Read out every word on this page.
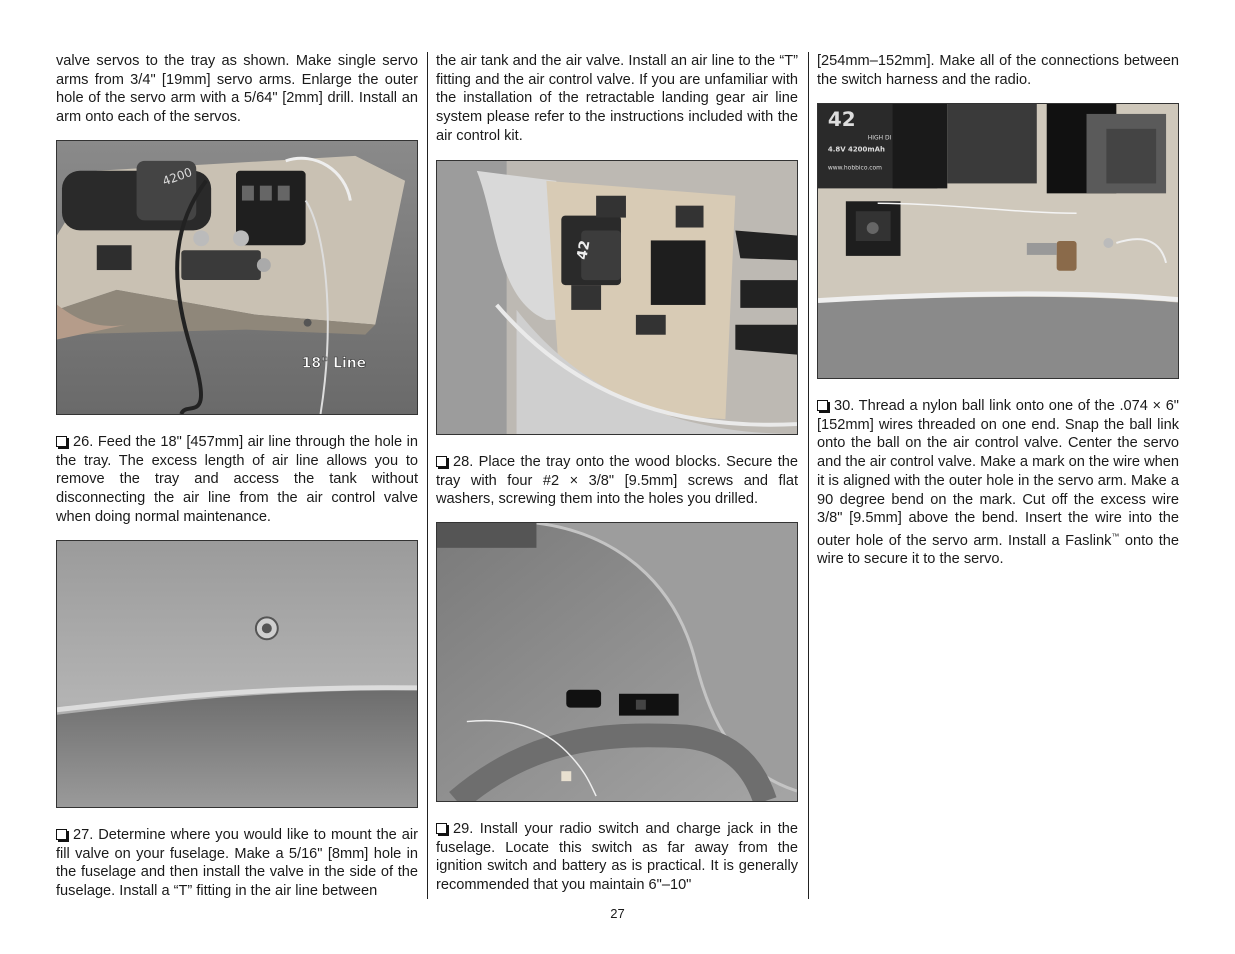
valve servos to the tray as shown. Make single servo arms from 3/4" [19mm] servo arms. Enlarge the outer hole of the servo arm with a 5/64" [2mm] drill. Install an arm onto each of the servos.

4200
18" Line

26. Feed the 18" [457mm] air line through the hole in the tray. The excess length of air line allows you to remove the tray and access the tank without disconnecting the air line from the air control valve when doing normal maintenance.

27. Determine where you would like to mount the air fill valve on your fuselage. Make a 5/16" [8mm] hole in the fuselage and then install the valve in the side of the fuselage. Install a “T” fitting in the air line between

the air tank and the air valve. Install an air line to the “T” fitting and the air control valve. If you are unfamiliar with the installation of the retractable landing gear air line system please refer to the instructions included with the air control kit.

42

28. Place the tray onto the wood blocks. Secure the tray with four #2 × 3/8" [9.5mm] screws and flat washers, screwing them into the holes you drilled.

29. Install your radio switch and charge jack in the fuselage. Locate this switch as far away from the ignition switch and battery as is practical. It is generally recommended that you maintain 6"–10"

[254mm–152mm]. Make all of the connections between the switch harness and the radio.

42
HIGH DI
4.8V 4200mAh
www.hobbico.com

30. Thread a nylon ball link onto one of the .074 × 6" [152mm] wires threaded on one end. Snap the ball link onto the ball on the air control valve. Center the servo and the air control valve. Make a mark on the wire when it is aligned with the outer hole in the servo arm. Make a 90 degree bend on the mark. Cut off the excess wire 3/8" [9.5mm] above the bend. Insert the wire into the outer hole of the servo arm. Install a Faslink™ onto the wire to secure it to the servo.

27
